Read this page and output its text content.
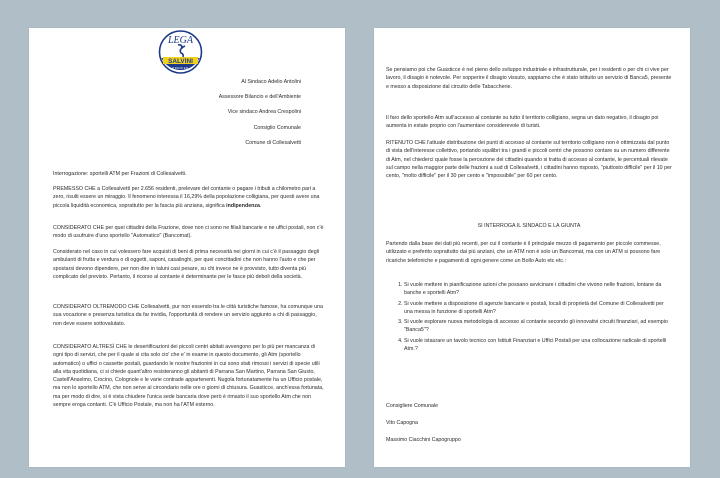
LEGA
SALVINI
PREMIER

Al Sindaco Adelio Antolini

Assessore Bilancio e dell'Ambiente

Vice sindaco Andrea Crespolini

Consiglio Comunale

Comune di Collesalvetti

Interrogazione: sportelli ATM per Frazioni di Collesalvetti.

PREMESSO CHE a Collesalvetti per 2.656 residenti, prelevare del contante o pagare i tributi a chilometro pari a zero, risulti essere un miraggio. Il fenomeno interessa il 16,29% della popolazione colligiana, per questi avere una piccola liquidità economica, soprattutto per la fascia più anziana, significa indipendenza.

CONSIDERATO CHE per quei cittadini della Frazione, dove non ci sono ne filiali bancarie e ne uffici postali, non c'è modo di usufruire d'uno sportello "Automatico" (Bancomat).

Considerato nel caso in cui volessero fare acquisti di beni di prima necessità nei giorni in cui c'è il passaggio degli ambulanti di frutta e verdura o di oggetti, saponi, casalinghi, per quei concittadini che non hanno l'auto e che per spostarsi devono dipendere, per non dire in taluni casi pesare, su chi invece ne è provvisto, tutto diventa più complicato del previsto. Pertanto, il ricorso al contante è determinante per le fasce più deboli della società.

CONSIDERATO OLTREMODO CHE Collesalvetti, pur non essendo tra le città turistiche famose, ha comunque una sua vocazione e presenza turistica da far invidia, l'opportunità di rendere un servizio aggiunto a chi di passaggio, non deve essere sottovalutato.

CONSIDERATO ALTRESÌ CHE le desertificazioni dei piccoli centri abitati avvengono per lo più per mancanza di ogni tipo di servizi, che per il quale si cita solo cio' che e' in esame in questo documento, gli Atm (sportello automatico) o uffici o cassette postali, guardando le nostre frazionini in cui sono stati rimossi i servizi di specie utili alla vita quotidiana, ci si chiede quant'altro resisteranno gli abitanti di Parrana San Martino, Parrana San Giusto, Castell'Anselmo, Crocino, Colognole e le varie contrade appartenenti. Nugola fortunatamente ha un Ufficio postale, ma non lo sportello ATM, che non serve al circondario nelle ore o giorni di chiusura. Guasticce, anch'essa fortunata, ma per modo di dire, si è vista chiudere l'unica sede bancaria dove però è rimasto il suo sportello Atm che non sempre eroga contanti. C'è Ufficio Postale, ma non ha l'ATM esterno.

Se pensiamo poi che Guasticce è nel pieno dello sviluppo industriale e infrastrutturale, per i residenti o per chi ci vive per lavoro, il disagio è notevole. Per sopperire il disagio vissuto, sappiamo che è stato istituito un servizio di Banca5, presente e messo a disposizione dal circuito delle Tabaccherie.

Il faro dello sportello Atm sull'accesso al contante su tutto il territorio colligiano, segna un dato negativo, il disagio poi aumenta in estate proprio con l'aumentare considerevole di turisti.

RITENUTO CHE l'attuale distribuzione dei punti di accesso al contante sul territorio colligiano non è ottimizzata dal punto di vista dell'interesse collettivo, portando squilibri tra i grandi e piccoli centri che possono contare su un numero differente di Atm, nel chiederci quale fosse la percezione dei cittadini quando si tratta di accesso al contante, le percentuali rilevate sul campo nella maggior parte delle frazioni a sud di Collesalvetti, i cittadini hanno risposto, "piuttosto difficile" per il 10 per cento, "molto difficile" per il 30 per cento e "impossibile" per 60 per cento.

SI INTERROGA IL SINDACO E LA GIUNTA

Partendo dalla base dei dati più recenti, per cui il contante è il principale mezzo di pagamento per piccole commesse, utilizzato e preferito soprattutto dai più anziani, che un ATM non è solo un Bancomat, ma con un ATM si possono fare ricariche telefoniche e pagamenti di ogni genere come un Bollo Auto etc etc.:

1. Si vuole mettere in pianificazione azioni che possano avvicinare i cittadini che vivono nelle frazioni, lontane da banche e sportelli Atm?
2. Si vuole mettere a disposizione di agenzie bancarie e postali, locali di proprietà del Comune di Collesalvetti per una messa in funzione di sportelli Atm?
3. Si vuole esplorare nuova metodologia di accesso al contante secondo gli innovativi circuiti finanziari, ad esempio "Banca5"?
4. Si vuole istaurare un tavolo tecnico con Istituti Finanziari e Uffici Postali per una collocazione radicale di sportelli Atm.?

Consigliere Comunale

Vito Capogna

Massimo Ciacchini Capogruppo
